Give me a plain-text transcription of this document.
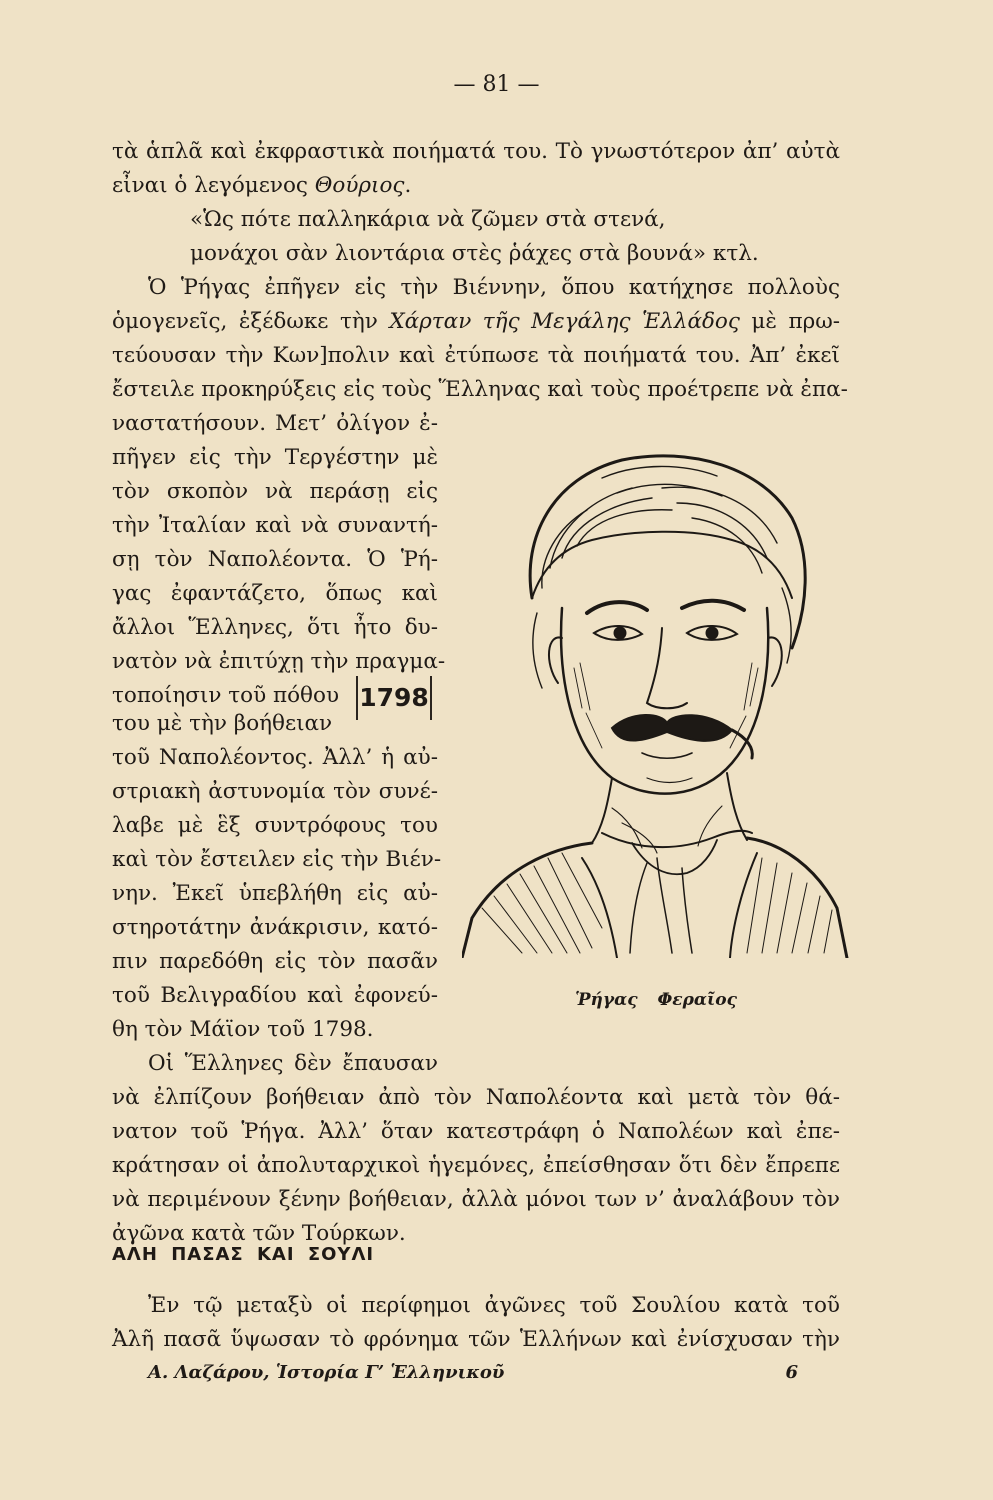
— 81 —
τὰ ἁπλᾶ καὶ ἐκφραστικὰ ποιήματά του. Τὸ γνωστότερον ἀπ’ αὐτὰ
εἶναι ὁ λεγόμενος Θούριος.
«Ὡς πότε παλληκάρια νὰ ζῶμεν στὰ στενά,
μονάχοι σὰν λιοντάρια στὲς ῥάχες στὰ βουνά» κτλ.
Ὁ Ῥήγας ἐπῆγεν εἰς τὴν Βιέννην, ὅπου κατήχησε πολλοὺς
ὁμογενεῖς, ἐξέδωκε τὴν Χάρταν τῆς Μεγάλης Ἑλλάδος μὲ πρω-
τεύουσαν τὴν Κων]πολιν καὶ ἐτύπωσε τὰ ποιήματά του. Ἀπ’ ἐκεῖ
ἔστειλε προκηρύξεις εἰς τοὺς Ἕλληνας καὶ τοὺς προέτρεπε νὰ ἐπα-
ναστατήσουν. Μετ’ ὀλίγον ἐ-
πῆγεν εἰς τὴν Τεργέστην μὲ
τὸν σκοπὸν νὰ περάσῃ εἰς
τὴν Ἰταλίαν καὶ νὰ συναντή-
σῃ τὸν Ναπολέοντα. Ὁ Ῥή-
γας ἐφαντάζετο, ὅπως καὶ
ἄλλοι Ἕλληνες, ὅτι ἦτο δυ-
νατὸν νὰ ἐπιτύχῃ τὴν πραγμα-
τοποίησιν τοῦ πόθου
του μὲ τὴν βοήθειαν
1798
τοῦ Ναπολέοντος. Ἀλλ’ ἡ αὐ-
στριακὴ ἀστυνομία τὸν συνέ-
λαβε μὲ ἓξ συντρόφους του
καὶ τὸν ἔστειλεν εἰς τὴν Βιέν-
νην. Ἐκεῖ ὑπεβλήθη εἰς αὐ-
στηροτάτην ἀνάκρισιν, κατό-
πιν παρεδόθη εἰς τὸν πασᾶν
τοῦ Βελιγραδίου καὶ ἐφονεύ-
θη τὸν Μάϊον τοῦ 1798.
Οἱ Ἕλληνες δὲν ἔπαυσαν
νὰ ἐλπίζουν βοήθειαν ἀπὸ τὸν Ναπολέοντα καὶ μετὰ τὸν θά-
νατον τοῦ Ῥήγα. Ἀλλ’ ὅταν κατεστράφη ὁ Ναπολέων καὶ ἐπε-
κράτησαν οἱ ἀπολυταρχικοὶ ἡγεμόνες, ἐπείσθησαν ὅτι δὲν ἔπρεπε
νὰ περιμένουν ξένην βοήθειαν, ἀλλὰ μόνοι των ν’ ἀναλάβουν τὸν
ἀγῶνα κατὰ τῶν Τούρκων.
ΑΛΗ ΠΑΣΑΣ ΚΑΙ ΣΟΥΛΙ
Ἐν τῷ μεταξὺ οἱ περίφημοι ἀγῶνες τοῦ Σουλίου κατὰ τοῦ
Ἀλῆ πασᾶ ὕψωσαν τὸ φρόνημα τῶν Ἑλλήνων καὶ ἐνίσχυσαν τὴν
Ῥήγας Φεραῖος
Α. Λαζάρου, Ἱστορία Γ’ Ἑλληνικοῦ	6
